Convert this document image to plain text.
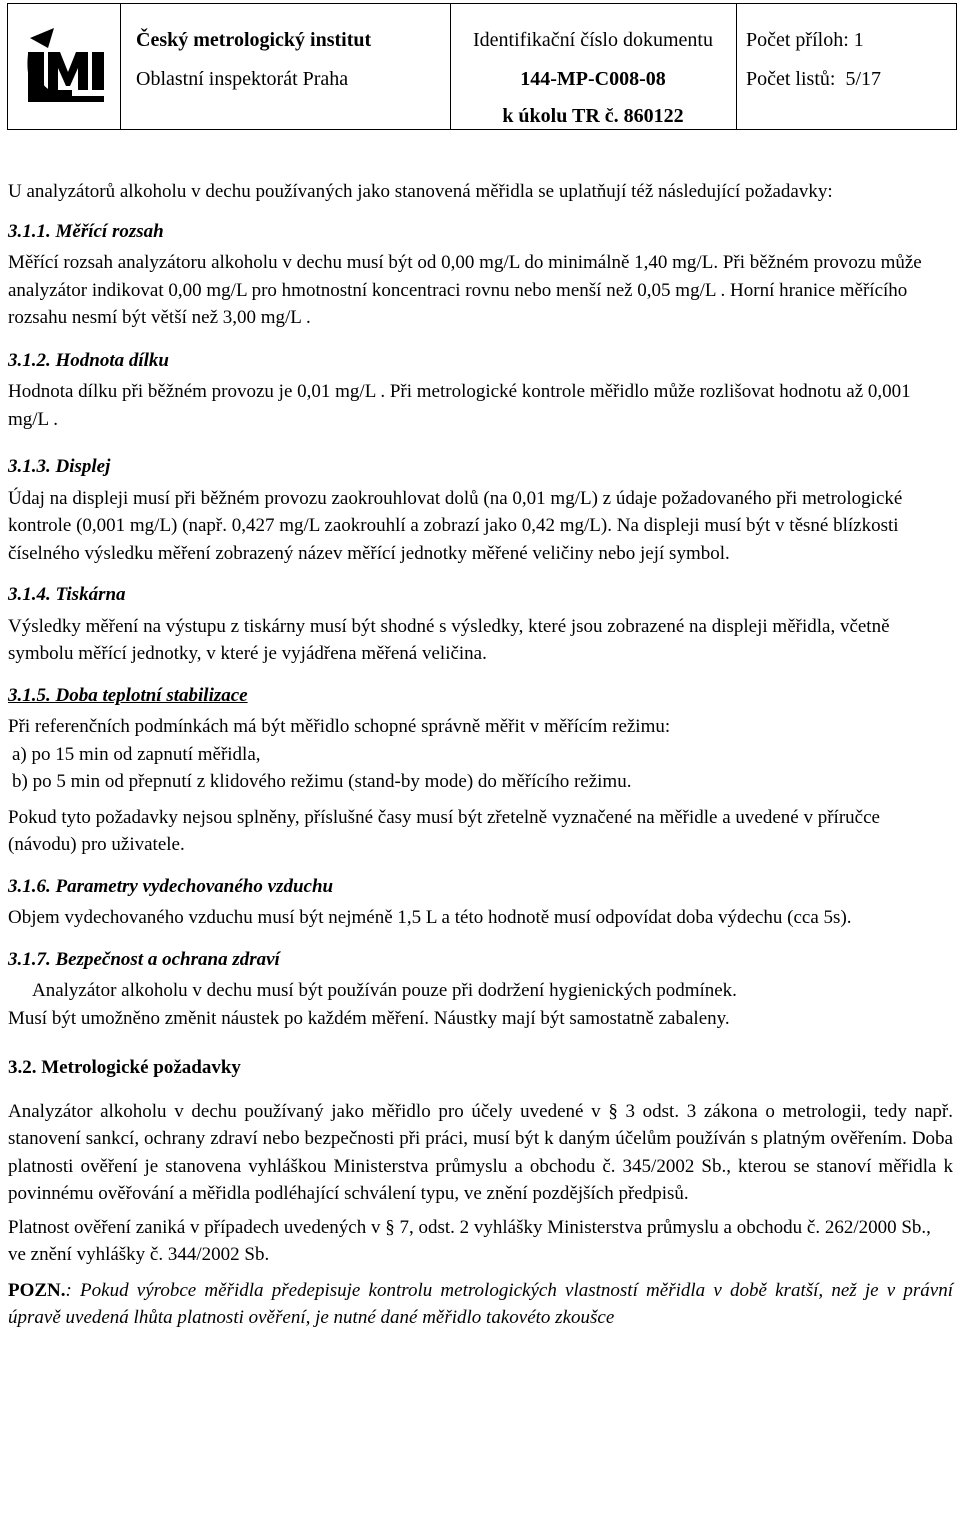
ČMI
Český metrologický institut
Oblastní inspektorát Praha
Identifikační číslo dokumentu
144-MP-C008-08
k úkolu TR č. 860122
Počet příloh: 1
Počet listů:  5/17

U analyzátorů alkoholu v dechu používaných jako stanovená měřidla se uplatňují též následující požadavky:

3.1.1. Měřící rozsah

Měřící rozsah analyzátoru alkoholu v dechu musí být od 0,00 mg/L do minimálně 1,40 mg/L. Při běžném provozu může analyzátor indikovat 0,00 mg/L pro hmotnostní koncentraci rovnu nebo menší než 0,05 mg/L . Horní hranice měřícího rozsahu nesmí být větší než 3,00 mg/L .

3.1.2. Hodnota dílku

Hodnota dílku při běžném provozu je 0,01 mg/L . Při metrologické kontrole měřidlo může rozlišovat hodnotu až 0,001 mg/L .

3.1.3. Displej

Údaj na displeji musí při běžném provozu zaokrouhlovat dolů (na 0,01 mg/L) z údaje požadovaného při metrologické kontrole (0,001 mg/L) (např. 0,427 mg/L zaokrouhlí a zobrazí jako 0,42 mg/L). Na displeji musí být v těsné blízkosti číselného výsledku měření zobrazený název měřící jednotky měřené veličiny nebo její symbol.

3.1.4. Tiskárna

Výsledky měření na výstupu z tiskárny musí být shodné s výsledky, které jsou zobrazené na displeji měřidla, včetně symbolu měřící jednotky, v které je vyjádřena měřená veličina.

3.1.5. Doba teplotní stabilizace

Při referenčních podmínkách má být měřidlo schopné správně měřit v měřícím režimu:

a) po 15 min od zapnutí měřidla,

b) po 5 min od přepnutí z klidového režimu (stand-by mode) do měřícího režimu.

Pokud tyto požadavky nejsou splněny, příslušné časy musí být zřetelně vyznačené na měřidle a uvedené v příručce (návodu) pro uživatele.

3.1.6. Parametry vydechovaného vzduchu

Objem vydechovaného vzduchu musí být nejméně 1,5 L a této hodnotě musí odpovídat doba výdechu (cca 5s).

3.1.7. Bezpečnost a ochrana zdraví

Analyzátor alkoholu v dechu musí být používán pouze při dodržení hygienických podmínek.

Musí být umožněno změnit náustek po každém měření. Náustky mají být samostatně zabaleny.

3.2. Metrologické požadavky

Analyzátor alkoholu v dechu používaný jako měřidlo pro účely uvedené v § 3 odst. 3 zákona o metrologii, tedy např. stanovení sankcí, ochrany zdraví nebo bezpečnosti při práci, musí být k daným účelům používán s platným ověřením. Doba platnosti ověření je stanovena vyhláškou Ministerstva průmyslu a obchodu č. 345/2002 Sb., kterou se stanoví měřidla k povinnému ověřování a měřidla podléhající schválení typu, ve znění pozdějších předpisů.

Platnost ověření zaniká v případech uvedených v § 7, odst. 2 vyhlášky Ministerstva průmyslu a obchodu č. 262/2000 Sb., ve znění vyhlášky č. 344/2002 Sb.

POZN.: Pokud výrobce měřidla předepisuje kontrolu metrologických vlastností měřidla v době kratší, než je v právní úpravě uvedená lhůta platnosti ověření, je nutné dané měřidlo takovéto zkoušce
